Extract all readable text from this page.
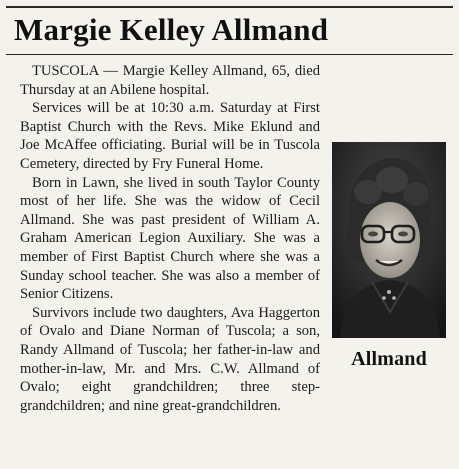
Margie Kelley Allmand
Allmand

TUSCOLA — Margie Kelley Allmand, 65, died Thursday at an Abilene hospital.

Services will be at 10:30 a.m. Saturday at First Baptist Church with the Revs. Mike Eklund and Joe McAffee officiating. Burial will be in Tuscola Cemetery, directed by Fry Funeral Home.

Born in Lawn, she lived in south Taylor County most of her life. She was the widow of Cecil Allmand. She was past president of William A. Graham American Legion Auxiliary. She was a member of First Baptist Church where she was a Sunday school teacher. She was also a member of Senior Citizens.

Survivors include two daughters, Ava Haggerton of Ovalo and Diane Norman of Tuscola; a son, Randy Allmand of Tuscola; her father-in-law and mother-in-law, Mr. and Mrs. C.W. Allmand of Ovalo; eight grandchildren; three step-grandchildren; and nine great-grandchildren.
